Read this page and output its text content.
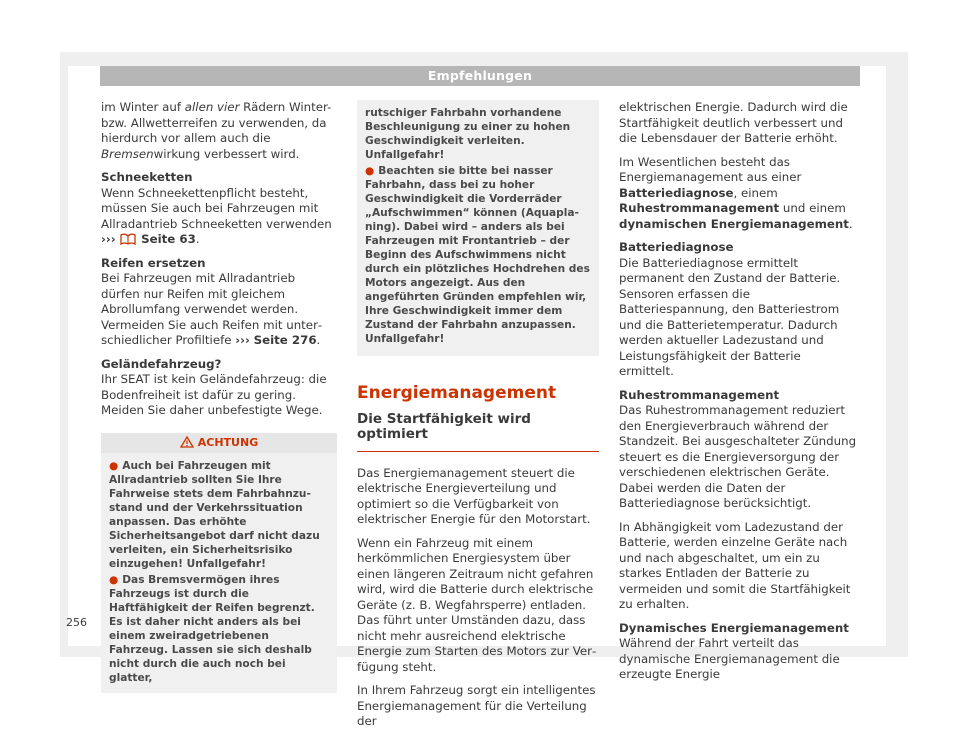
Empfehlungen

im Winter auf allen vier Rädern Winter- bzw. Allwetterreifen zu verwenden, da hierdurch vor allem auch die Bremsenwirkung verbessert wird.

Schneeketten

Wenn Schneekettenpflicht besteht, müssen Sie auch bei Fahrzeugen mit Allradantrieb Schneeketten verwenden ››› Seite 63.

Reifen ersetzen

Bei Fahrzeugen mit Allradantrieb dürfen nur Reifen mit gleichem Abrollumfang verwendet werden. Vermeiden Sie auch Reifen mit unterschiedlicher Profiltiefe ››› Seite 276.

Geländefahrzeug?

Ihr SEAT ist kein Geländefahrzeug: die Bodenfreiheit ist dafür zu gering. Meiden Sie daher unbefestigte Wege.

ACHTUNG

● Auch bei Fahrzeugen mit Allradantrieb sollten Sie Ihre Fahrweise stets dem Fahrbahnzustand und der Verkehrssituation anpassen. Das erhöhte Sicherheitsangebot darf nicht dazu verleiten, ein Sicherheitsrisiko einzugehen! Unfallgefahr!

● Das Bremsvermögen ihres Fahrzeugs ist durch die Haftfähigkeit der Reifen begrenzt. Es ist daher nicht anders als bei einem zweiradgetriebenen Fahrzeug. Lassen sie sich deshalb nicht durch die auch noch bei glatter,

rutschiger Fahrbahn vorhandene Beschleunigung zu einer zu hohen Geschwindigkeit verleiten. Unfallgefahr!

● Beachten sie bitte bei nasser Fahrbahn, dass bei zu hoher Geschwindigkeit die Vorderräder „Aufschwimmen“ können (Aquaplaning). Dabei wird – anders als bei Fahrzeugen mit Frontantrieb – der Beginn des Aufschwimmens nicht durch ein plötzliches Hochdrehen des Motors angezeigt. Aus den angeführten Gründen empfehlen wir, Ihre Geschwindigkeit immer dem Zustand der Fahrbahn anzupassen. Unfallgefahr!

Energiemanagement
Die Startfähigkeit wird optimiert

Das Energiemanagement steuert die elektrische Energieverteilung und optimiert so die Verfügbarkeit von elektrischer Energie für den Motorstart.

Wenn ein Fahrzeug mit einem herkömmlichen Energiesystem über einen längeren Zeitraum nicht gefahren wird, wird die Batterie durch elektrische Geräte (z. B. Wegfahrsperre) entladen. Das führt unter Umständen dazu, dass nicht mehr ausreichend elektrische Energie zum Starten des Motors zur Verfügung steht.

In Ihrem Fahrzeug sorgt ein intelligentes Energiemanagement für die Verteilung der

elektrischen Energie. Dadurch wird die Startfähigkeit deutlich verbessert und die Lebensdauer der Batterie erhöht.

Im Wesentlichen besteht das Energiemanagement aus einer Batteriediagnose, einem Ruhestrommanagement und einem dynamischen Energiemanagement.

Batteriediagnose

Die Batteriediagnose ermittelt permanent den Zustand der Batterie. Sensoren erfassen die Batteriespannung, den Batteriestrom und die Batterietemperatur. Dadurch werden aktueller Ladezustand und Leistungsfähigkeit der Batterie ermittelt.

Ruhestrommanagement

Das Ruhestrommanagement reduziert den Energieverbrauch während der Standzeit. Bei ausgeschalteter Zündung steuert es die Energieversorgung der verschiedenen elektrischen Geräte. Dabei werden die Daten der Batteriediagnose berücksichtigt.

In Abhängigkeit vom Ladezustand der Batterie, werden einzelne Geräte nach und nach abgeschaltet, um ein zu starkes Entladen der Batterie zu vermeiden und somit die Startfähigkeit zu erhalten.

Dynamisches Energiemanagement

Während der Fahrt verteilt das dynamische Energiemanagement die erzeugte Energie

256
